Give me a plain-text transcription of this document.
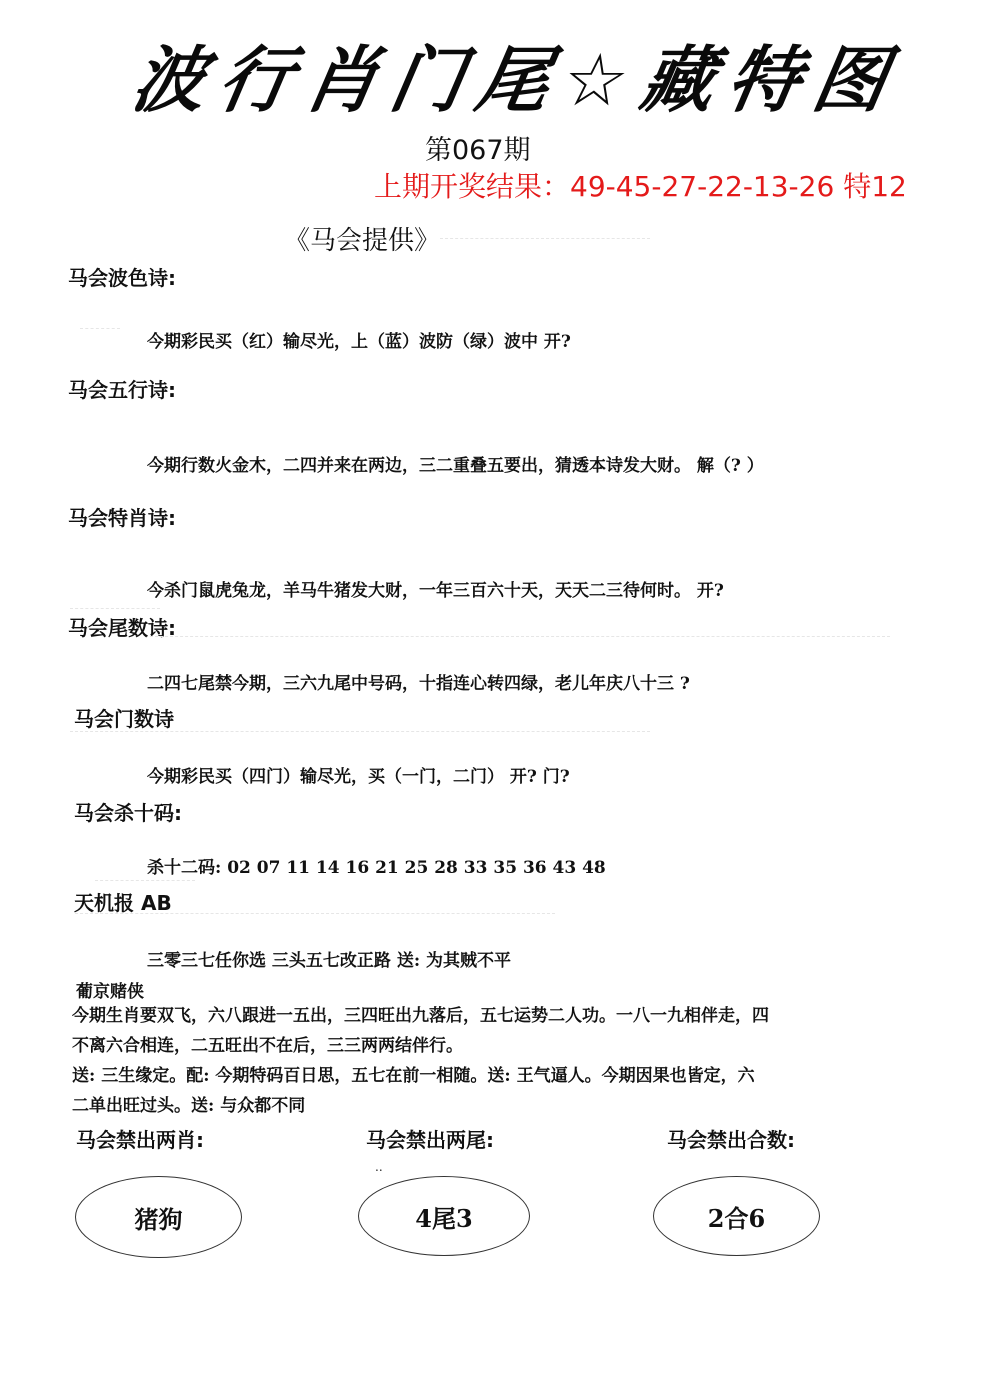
波行肖门尾☆藏特图
第067期
上期开奖结果：49-45-27-22-13-26 特12
《马会提供》
马会波色诗:
今期彩民买（红）输尽光，上（蓝）波防（绿）波中 开?
马会五行诗:
今期行数火金木，二四并来在两边，三二重叠五要出，猜透本诗发大财。 解（? ）
马会特肖诗:
今杀门鼠虎兔龙，羊马牛猪发大财，一年三百六十天，天天二三待何时。 开?
马会尾数诗:
二四七尾禁今期，三六九尾中号码，十指连心转四绿，老儿年庆八十三 ?
马会门数诗
今期彩民买（四门）输尽光，买（一门，二门） 开? 门?
马会杀十码:
杀十二码: 02 07 11 14 16 21 25 28 33 35 36 43 48
天机报 AB
三零三七任你选 三头五七改正路 送: 为其贼不平
葡京赌侠
今期生肖要双飞，六八跟进一五出，三四旺出九落后，五七运势二人功。一八一九相伴走，四
不离六合相连，二五旺出不在后，三三两两结伴行。
送: 三生缘定。配: 今期特码百日思，五七在前一相随。送: 王气逼人。今期因果也皆定，六
二单出旺过头。送: 与众都不同
马会禁出两肖:	马会禁出两尾:	马会禁出合数:
..
猪狗	4尾3	2合6
